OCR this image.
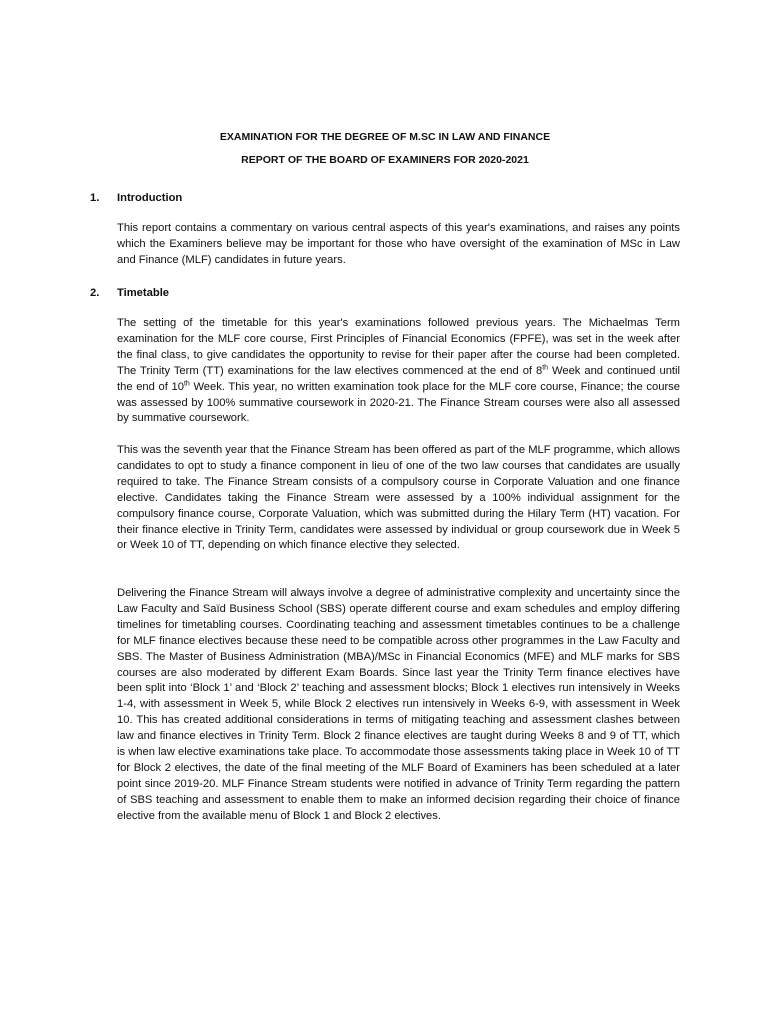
EXAMINATION FOR THE DEGREE OF M.SC IN LAW AND FINANCE
REPORT OF THE BOARD OF EXAMINERS FOR 2020-2021
1. Introduction

This report contains a commentary on various central aspects of this year's examinations, and raises any points which the Examiners believe may be important for those who have oversight of the examination of MSc in Law and Finance (MLF) candidates in future years.

2. Timetable

The setting of the timetable for this year's examinations followed previous years. The Michaelmas Term examination for the MLF core course, First Principles of Financial Economics (FPFE), was set in the week after the final class, to give candidates the opportunity to revise for their paper after the course had been completed. The Trinity Term (TT) examinations for the law electives commenced at the end of 8th Week and continued until the end of 10th Week. This year, no written examination took place for the MLF core course, Finance; the course was assessed by 100% summative coursework in 2020-21. The Finance Stream courses were also all assessed by summative coursework.

This was the seventh year that the Finance Stream has been offered as part of the MLF programme, which allows candidates to opt to study a finance component in lieu of one of the two law courses that candidates are usually required to take. The Finance Stream consists of a compulsory course in Corporate Valuation and one finance elective. Candidates taking the Finance Stream were assessed by a 100% individual assignment for the compulsory finance course, Corporate Valuation, which was submitted during the Hilary Term (HT) vacation. For their finance elective in Trinity Term, candidates were assessed by individual or group coursework due in Week 5 or Week 10 of TT, depending on which finance elective they selected.

Delivering the Finance Stream will always involve a degree of administrative complexity and uncertainty since the Law Faculty and Saïd Business School (SBS) operate different course and exam schedules and employ differing timelines for timetabling courses. Coordinating teaching and assessment timetables continues to be a challenge for MLF finance electives because these need to be compatible across other programmes in the Law Faculty and SBS. The Master of Business Administration (MBA)/MSc in Financial Economics (MFE) and MLF marks for SBS courses are also moderated by different Exam Boards. Since last year the Trinity Term finance electives have been split into ‘Block 1’ and ‘Block 2’ teaching and assessment blocks; Block 1 electives run intensively in Weeks 1-4, with assessment in Week 5, while Block 2 electives run intensively in Weeks 6-9, with assessment in Week 10. This has created additional considerations in terms of mitigating teaching and assessment clashes between law and finance electives in Trinity Term. Block 2 finance electives are taught during Weeks 8 and 9 of TT, which is when law elective examinations take place. To accommodate those assessments taking place in Week 10 of TT for Block 2 electives, the date of the final meeting of the MLF Board of Examiners has been scheduled at a later point since 2019-20. MLF Finance Stream students were notified in advance of Trinity Term regarding the pattern of SBS teaching and assessment to enable them to make an informed decision regarding their choice of finance elective from the available menu of Block 1 and Block 2 electives.
